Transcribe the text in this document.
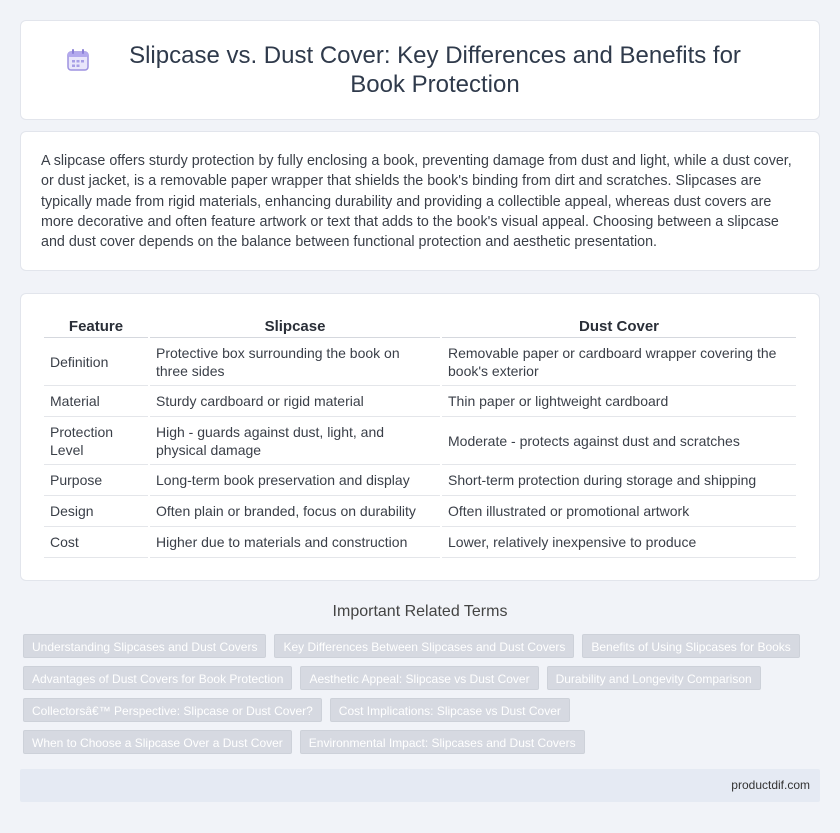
Slipcase vs. Dust Cover: Key Differences and Benefits for Book Protection

A slipcase offers sturdy protection by fully enclosing a book, preventing damage from dust and light, while a dust cover, or dust jacket, is a removable paper wrapper that shields the book's binding from dirt and scratches. Slipcases are typically made from rigid materials, enhancing durability and providing a collectible appeal, whereas dust covers are more decorative and often feature artwork or text that adds to the book's visual appeal. Choosing between a slipcase and dust cover depends on the balance between functional protection and aesthetic presentation.

Feature	Slipcase	Dust Cover
Definition	Protective box surrounding the book on three sides	Removable paper or cardboard wrapper covering the book's exterior
Material	Sturdy cardboard or rigid material	Thin paper or lightweight cardboard
Protection Level	High - guards against dust, light, and physical damage	Moderate - protects against dust and scratches
Purpose	Long-term book preservation and display	Short-term protection during storage and shipping
Design	Often plain or branded, focus on durability	Often illustrated or promotional artwork
Cost	Higher due to materials and construction	Lower, relatively inexpensive to produce
Important Related Terms
Understanding Slipcases and Dust Covers	Key Differences Between Slipcases and Dust Covers	Benefits of Using Slipcases for Books
Advantages of Dust Covers for Book Protection	Aesthetic Appeal: Slipcase vs Dust Cover	Durability and Longevity Comparison
Collectorsâ€™ Perspective: Slipcase or Dust Cover?	Cost Implications: Slipcase vs Dust Cover
When to Choose a Slipcase Over a Dust Cover	Environmental Impact: Slipcases and Dust Covers
productdif.com
